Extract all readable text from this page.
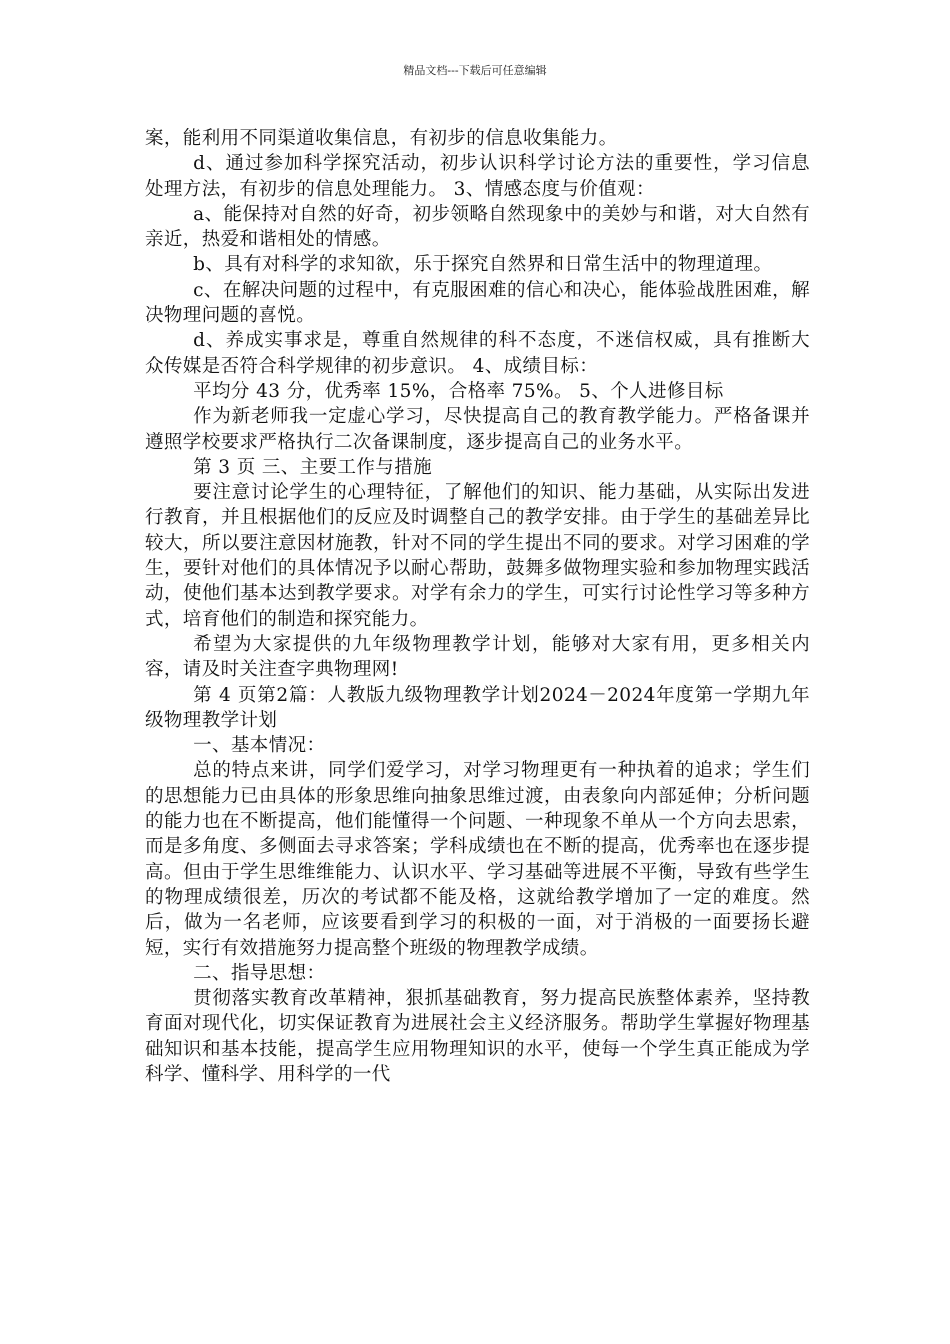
精品文档---下载后可任意编辑

案，能利用不同渠道收集信息，有初步的信息收集能力。

d、通过参加科学探究活动，初步认识科学讨论方法的重要性，学习信息处理方法，有初步的信息处理能力。 3、情感态度与价值观：

a、能保持对自然的好奇，初步领略自然现象中的美妙与和谐，对大自然有亲近，热爱和谐相处的情感。

b、具有对科学的求知欲，乐于探究自然界和日常生活中的物理道理。

c、在解决问题的过程中，有克服困难的信心和决心，能体验战胜困难，解决物理问题的喜悦。

d、养成实事求是，尊重自然规律的科不态度，不迷信权威，具有推断大众传媒是否符合科学规律的初步意识。 4、成绩目标：

平均分 43 分，优秀率 15%，合格率 75%。 5、个人进修目标

作为新老师我一定虚心学习，尽快提高自己的教育教学能力。严格备课并遵照学校要求严格执行二次备课制度，逐步提高自己的业务水平。

第 3 页 三、主要工作与措施

要注意讨论学生的心理特征，了解他们的知识、能力基础，从实际出发进行教育，并且根据他们的反应及时调整自己的教学安排。由于学生的基础差异比较大，所以要注意因材施教，针对不同的学生提出不同的要求。对学习困难的学生，要针对他们的具体情况予以耐心帮助，鼓舞多做物理实验和参加物理实践活动，使他们基本达到教学要求。对学有余力的学生，可实行讨论性学习等多种方式，培育他们的制造和探究能力。

希望为大家提供的九年级物理教学计划，能够对大家有用，更多相关内容，请及时关注查字典物理网!

第 4 页第2篇：人教版九级物理教学计划2024－2024年度第一学期九年级物理教学计划

一、基本情况：

总的特点来讲，同学们爱学习，对学习物理更有一种执着的追求；学生们的思想能力已由具体的形象思维向抽象思维过渡，由表象向内部延伸；分析问题的能力也在不断提高，他们能懂得一个问题、一种现象不单从一个方向去思索，而是多角度、多侧面去寻求答案；学科成绩也在不断的提高，优秀率也在逐步提高。但由于学生思维维能力、认识水平、学习基础等进展不平衡，导致有些学生的物理成绩很差，历次的考试都不能及格，这就给教学增加了一定的难度。然后，做为一名老师，应该要看到学习的积极的一面，对于消极的一面要扬长避短，实行有效措施努力提高整个班级的物理教学成绩。

二、指导思想：

贯彻落实教育改革精神，狠抓基础教育，努力提高民族整体素养，坚持教育面对现代化，切实保证教育为进展社会主义经济服务。帮助学生掌握好物理基础知识和基本技能，提高学生应用物理知识的水平，使每一个学生真正能成为学科学、懂科学、用科学的一代
